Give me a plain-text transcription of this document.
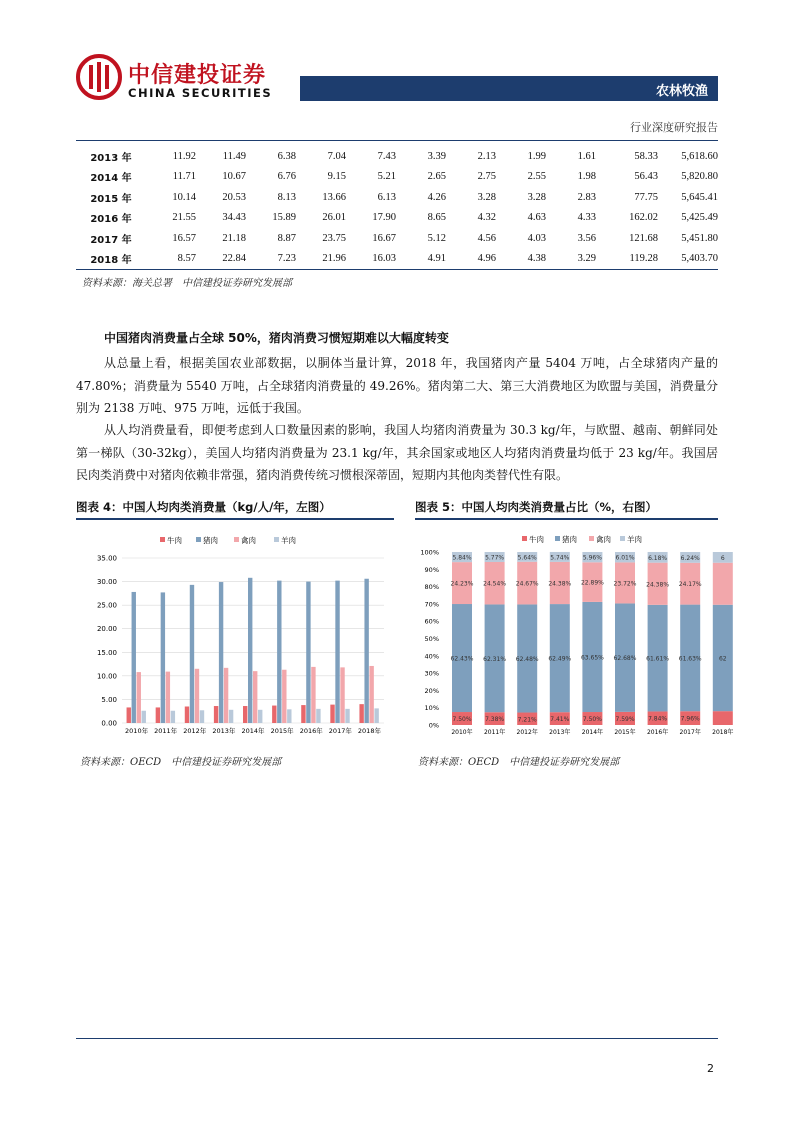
中信建投证券
CHINA SECURITIES	农林牧渔
行业深度研究报告
2013 年	11.92	11.49	6.38	7.04	7.43	3.39	2.13	1.99	1.61	58.33	5,618.60
2014 年	11.71	10.67	6.76	9.15	5.21	2.65	2.75	2.55	1.98	56.43	5,820.80
2015 年	10.14	20.53	8.13	13.66	6.13	4.26	3.28	3.28	2.83	77.75	5,645.41
2016 年	21.55	34.43	15.89	26.01	17.90	8.65	4.32	4.63	4.33	162.02	5,425.49
2017 年	16.57	21.18	8.87	23.75	16.67	5.12	4.56	4.03	3.56	121.68	5,451.80
2018 年	8.57	22.84	7.23	21.96	16.03	4.91	4.96	4.38	3.29	119.28	5,403.70
资料来源：海关总署　中信建投证券研究发展部
中国猪肉消费量占全球 50%，猪肉消费习惯短期难以大幅度转变

从总量上看，根据美国农业部数据，以胴体当量计算，2018 年，我国猪肉产量 5404 万吨，占全球猪肉产量的 47.80%；消费量为 5540 万吨，占全球猪肉消费量的 49.26%。猪肉第二大、第三大消费地区为欧盟与美国，消费量分别为 2138 万吨、975 万吨，远低于我国。

从人均消费量看，即便考虑到人口数量因素的影响，我国人均猪肉消费量为 30.3 kg/年，与欧盟、越南、朝鲜同处第一梯队（30-32kg），美国人均猪肉消费量为 23.1 kg/年，其余国家或地区人均猪肉消费量均低于 23 kg/年。我国居民肉类消费中对猪肉依赖非常强，猪肉消费传统习惯根深蒂固，短期内其他肉类替代性有限。

图表 4：中国人均肉类消费量（kg/人/年，左图）	图表 5：中国人均肉类消费量占比（%，右图）
牛肉	猪肉	禽肉	羊肉
0.00
5.00
10.00
15.00
20.00
25.00
30.00
35.00
2010年 2011年 2012年 2013年 2014年 2015年 2016年 2017年 2018年
牛肉 猪肉	禽肉 羊肉
0%
10%
20%
30%
40%
50%
60%
70%
80%
90%
100%
7.50%
62.43%
24.23%
5.84%
2010年
7.38%
62.31%
24.54%
5.77%
2011年
7.21%
62.48%
24.67%
5.64%
2012年
7.41%
62.49%
24.38%
5.74%
2013年
7.50%
63.65%
22.89%
5.96%
2014年
7.59%
62.68%
23.72%
6.01%
2015年
7.84%
61.61%
24.38%
6.18%
2016年
7.96%
61.63%
24.17%
6.24%
2017年
62
6
2018年
资料来源：OECD　中信建投证券研究发展部	资料来源：OECD　中信建投证券研究发展部
2
